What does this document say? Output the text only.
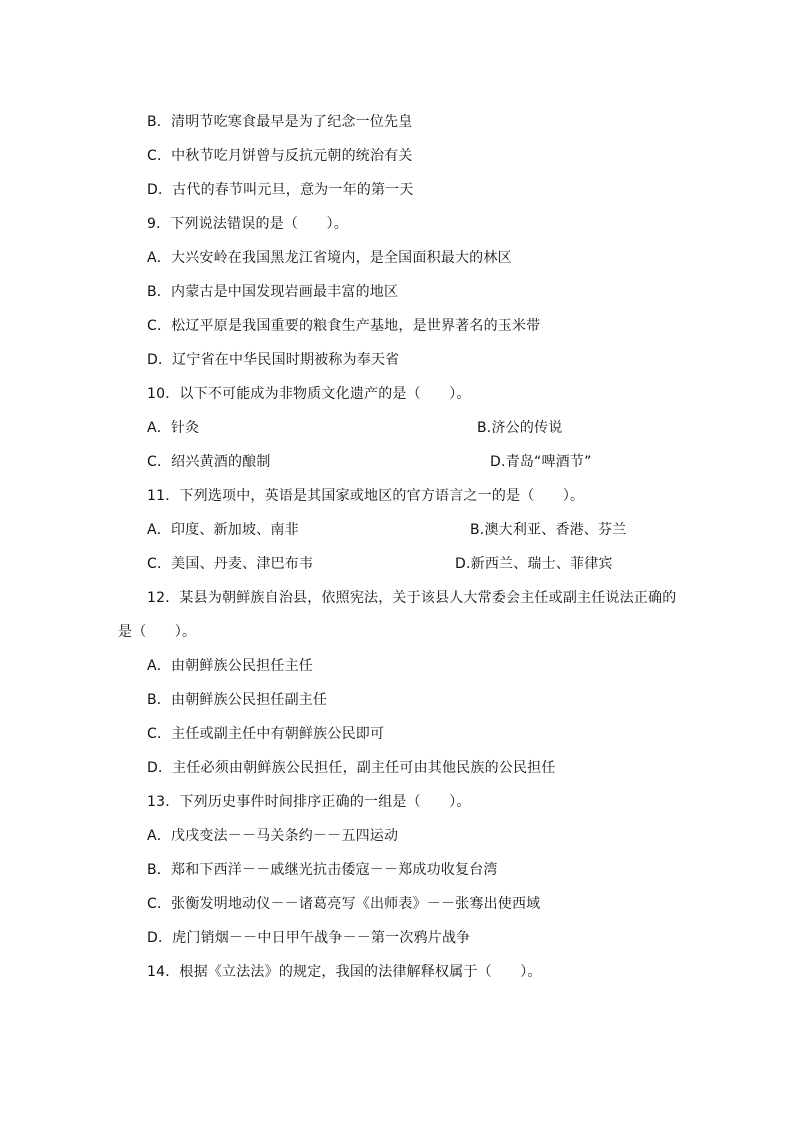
B．清明节吃寒食最早是为了纪念一位先皇
C．中秋节吃月饼曾与反抗元朝的统治有关
D．古代的春节叫元旦，意为一年的第一天
9．下列说法错误的是（　　）。
A．大兴安岭在我国黑龙江省境内，是全国面积最大的林区
B．内蒙古是中国发现岩画最丰富的地区
C．松辽平原是我国重要的粮食生产基地，是世界著名的玉米带
D．辽宁省在中华民国时期被称为奉天省
10．以下不可能成为非物质文化遗产的是（　　）。
A．针灸	B.济公的传说
C．绍兴黄酒的酿制	D.青岛“啤酒节”
11．下列选项中，英语是其国家或地区的官方语言之一的是（　　）。
A．印度、新加坡、南非	B.澳大利亚、香港、芬兰
C．美国、丹麦、津巴布韦	D.新西兰、瑞士、菲律宾
12．某县为朝鲜族自治县，依照宪法，关于该县人大常委会主任或副主任说法正确的
是（　　）。
A．由朝鲜族公民担任主任
B．由朝鲜族公民担任副主任
C．主任或副主任中有朝鲜族公民即可
D．主任必须由朝鲜族公民担任，副主任可由其他民族的公民担任
13．下列历史事件时间排序正确的一组是（　　）。
A．戊戌变法－－马关条约－－五四运动
B．郑和下西洋－－戚继光抗击倭寇－－郑成功收复台湾
C．张衡发明地动仪－－诸葛亮写《出师表》－－张骞出使西域
D．虎门销烟－－中日甲午战争－－第一次鸦片战争
14．根据《立法法》的规定，我国的法律解释权属于（　　）。
